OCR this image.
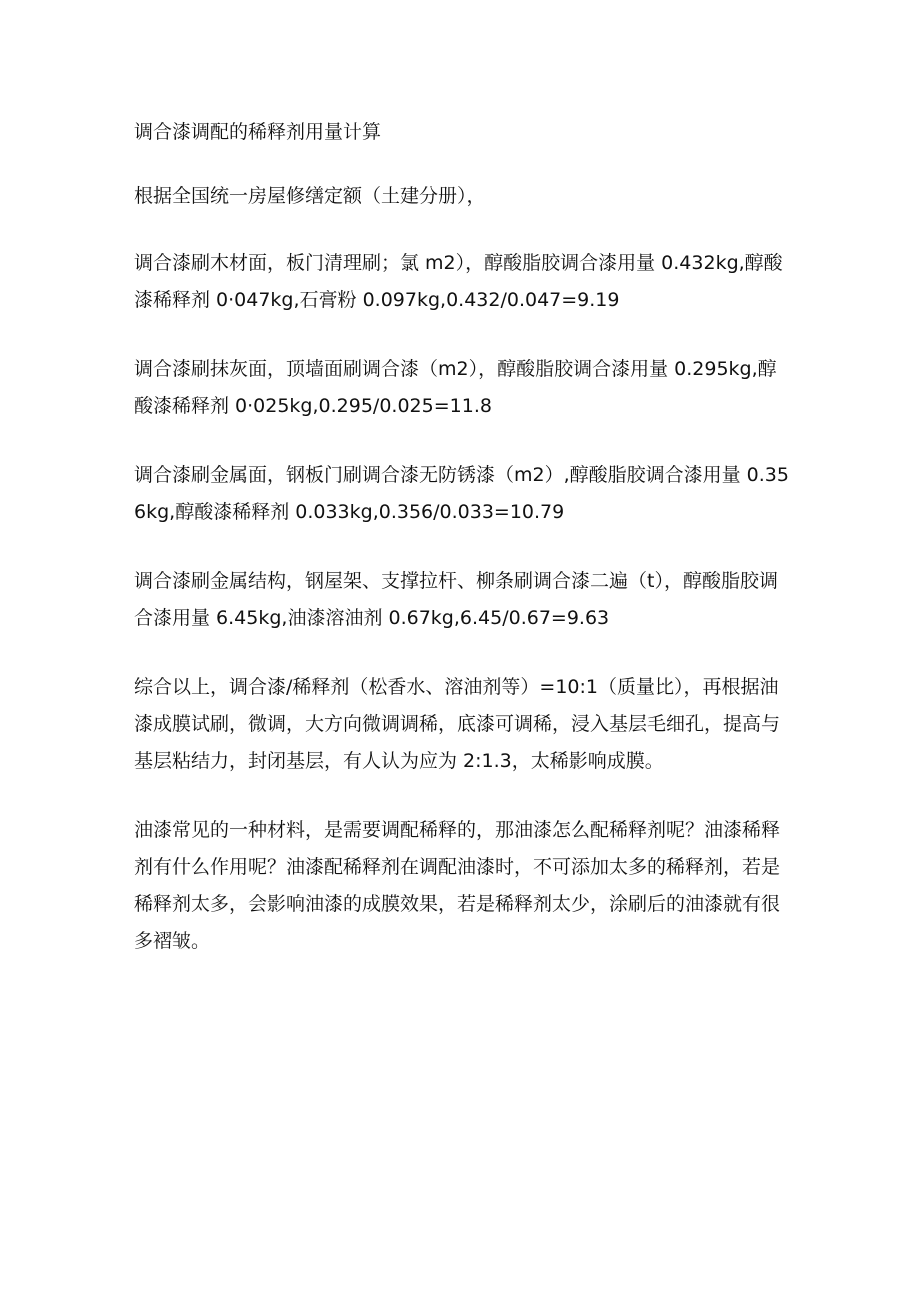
调合漆调配的稀释剂用量计算

根据全国统一房屋修缮定额（土建分册），

调合漆刷木材面，板门清理刷；氯 m2），醇酸脂胶调合漆用量 0.432kg,醇酸漆稀释剂 0·047kg,石膏粉 0.097kg,0.432/0.047=9.19

调合漆刷抹灰面，顶墙面刷调合漆（m2），醇酸脂胶调合漆用量 0.295kg,醇酸漆稀释剂 0·025kg,0.295/0.025=11.8

调合漆刷金属面，钢板门刷调合漆无防锈漆（m2）,醇酸脂胶调合漆用量 0.356kg,醇酸漆稀释剂 0.033kg,0.356/0.033=10.79

调合漆刷金属结构，钢屋架、支撑拉杆、柳条刷调合漆二遍（t），醇酸脂胶调合漆用量 6.45kg,油漆溶油剂 0.67kg,6.45/0.67=9.63

综合以上，调合漆/稀释剂（松香水、溶油剂等）=10:1（质量比），再根据油漆成膜试刷，微调，大方向微调调稀，底漆可调稀，浸入基层毛细孔，提高与基层粘结力，封闭基层，有人认为应为 2:1.3，太稀影响成膜。

油漆常见的一种材料，是需要调配稀释的，那油漆怎么配稀释剂呢？油漆稀释剂有什么作用呢？油漆配稀释剂在调配油漆时，不可添加太多的稀释剂，若是稀释剂太多，会影响油漆的成膜效果，若是稀释剂太少，涂刷后的油漆就有很多褶皱。
